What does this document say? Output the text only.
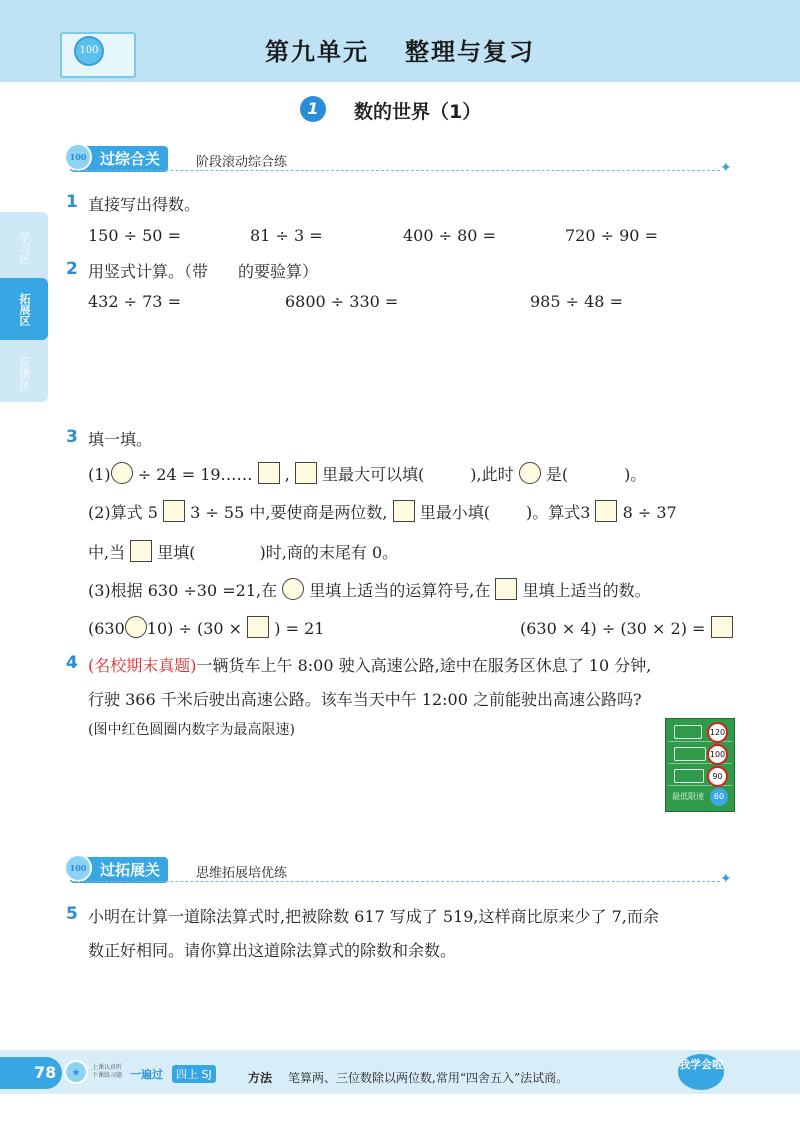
100	第九单元 整理与复习
1	数的世界（1）
过综合关
100	阶段滚动综合练	✦
学习区
拓展区
反馈区
1 直接写出得数。
150 ÷ 50 =	81 ÷ 3 =	400 ÷ 80 =	720 ÷ 90 =
2 用竖式计算。（带 的要验算）
432 ÷ 73 =	6800 ÷ 330 =	985 ÷ 48 =
3 填一填。
(1) ÷ 24 = 19…… , 里最大可以填(	),此时 是(	)。
(2)算式 5 3 ÷ 55 中,要使商是两位数, 里最小填( )。算式3 8 ÷ 37
中,当 里填(	)时,商的末尾有 0。
(3)根据 630 ÷30 =21,在 里填上适当的运算符号,在 里填上适当的数。
(630 10) ÷ (30 × ) = 21	(630 × 4) ÷ (30 × 2) =
4 (名校期末真题)一辆货车上午 8:00 驶入高速公路,途中在服务区休息了 10 分钟,
行驶 366 千米后驶出高速公路。该车当天中午 12:00 之前能驶出高速公路吗?
(图中红色圆圈内数字为最高限速)	120
100
90
最低限速	60
过拓展关
100	思维拓展培优练	✦
5 小明在计算一道除法算式时,把被除数 617 写成了 519,这样商比原来少了 7,而余
数正好相同。请你算出这道除法算式的除数和余数。
78	★	上课认真听
下课练习题 一遍过	四上 SJ	方法 笔算两、三位数除以两位数,常用“四舍五入”法试商。
我学会啦
